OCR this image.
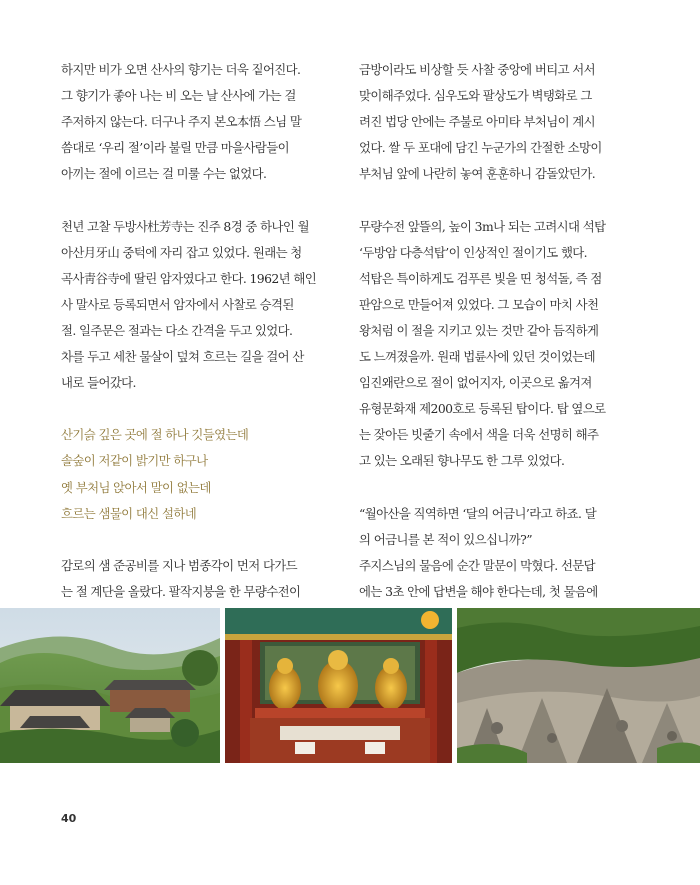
하지만 비가 오면 산사의 향기는 더욱 짙어진다.
그 향기가 좋아 나는 비 오는 날 산사에 가는 걸
주저하지 않는다. 더구나 주지 본오本悟 스님 말
씀대로 ‘우리 절’이라 불릴 만큼 마을사람들이
아끼는 절에 이르는 걸 미룰 수는 없었다.

천년 고찰 두방사杜芳寺는 진주 8경 중 하나인 월
아산月牙山 중턱에 자리 잡고 있었다. 원래는 청
곡사靑谷寺에 딸린 암자였다고 한다. 1962년 해인
사 말사로 등록되면서 암자에서 사찰로 승격된
절. 일주문은 절과는 다소 간격을 두고 있었다.
차를 두고 세찬 물살이 덮쳐 흐르는 길을 걸어 산
내로 들어갔다.

산기슭 깊은 곳에 절 하나 깃들였는데
솔숲이 저같이 밝기만 하구나
옛 부처님 앉아서 말이 없는데
흐르는 샘물이 대신 설하네

감로의 샘 준공비를 지나 범종각이 먼저 다가드
는 절 계단을 올랐다. 팔작지붕을 한 무량수전이

금방이라도 비상할 듯 사찰 중앙에 버티고 서서
맞이해주었다. 심우도와 팔상도가 벽탱화로 그
려진 법당 안에는 주불로 아미타 부처님이 계시
었다. 쌀 두 포대에 담긴 누군가의 간절한 소망이
부처님 앞에 나란히 놓여 훈훈하니 감돌았던가.

무량수전 앞뜰의, 높이 3m나 되는 고려시대 석탑
‘두방암 다층석탑’이 인상적인 절이기도 했다.
석탑은 특이하게도 검푸른 빛을 띤 청석돌, 즉 점
판암으로 만들어져 있었다. 그 모습이 마치 사천
왕처럼 이 절을 지키고 있는 것만 같아 듬직하게
도 느껴졌을까. 원래 법륜사에 있던 것이었는데
임진왜란으로 절이 없어지자, 이곳으로 옮겨져
유형문화재 제200호로 등록된 탑이다. 탑 옆으로
는 잦아든 빗줄기 속에서 색을 더욱 선명히 해주
고 있는 오래된 향나무도 한 그루 있었다.

“월아산을 직역하면 ‘달의 어금니’라고 하죠. 달
의 어금니를 본 적이 있으십니까?”
주지스님의 물음에 순간 말문이 막혔다. 선문답
에는 3초 안에 답변을 해야 한다는데, 첫 물음에

40
